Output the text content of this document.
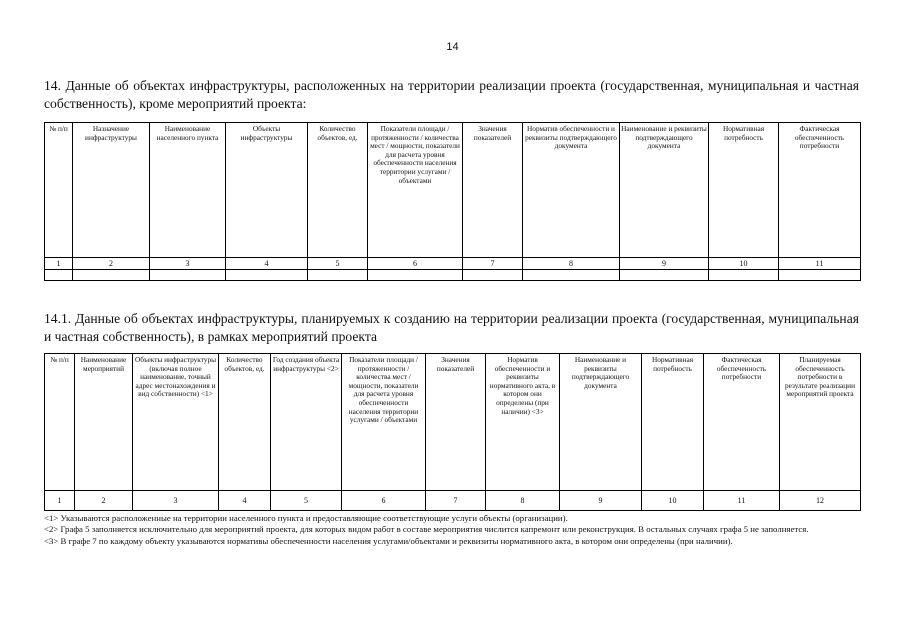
14
14. Данные об объектах инфраструктуры, расположенных на территории реализации проекта (государственная, муниципальная и частная собственность), кроме мероприятий проекта:
№ п/п	Назначение инфраструктуры	Наименование населенного пункта	Объекты инфраструктуры	Количество объектов, ед.	Показатели площади / протяженности / количества мест / мощности, показатели для расчета уровня обеспеченности населения территории услугами / объектами	Значения показателей	Норматив обеспеченности и реквизиты подтверждающего документа	Наименование и реквизиты подтверждающего документа	Нормативная потребность	Фактическая обеспеченность потребности
1	2	3	4	5	6	7	8	9	10	11

14.1. Данные об объектах инфраструктуры, планируемых к созданию на территории реализации проекта (государственная, муниципальная и частная собственность), в рамках мероприятий проекта
№ п/п	Наименование мероприятий	Объекты инфраструктуры (включая полное наименование, точный адрес местонахождения и вид собственности) <1>	Количество объектов, ед.	Год создания объекта инфраструктуры <2>	Показатели площади / протяженности / количества мест / мощности, показатели для расчета уровня обеспеченности населения территории услугами / объектами	Значения показателей	Норматив обеспеченности и реквизиты нормативного акта, в котором они определены (при наличии) <3>	Наименование и реквизиты подтверждающего документа	Нормативная потребность	Фактическая обеспеченность потребности	Планируемая обеспеченность потребности в результате реализации мероприятий проекта
1	2	3	4	5	6	7	8	9	10	11	12

<1> Указываются расположенные на территории населенного пункта и предоставляющие соответствующие услуги объекты (организации).

<2> Графа 5 заполняется исключительно для мероприятий проекта, для которых видом работ в составе мероприятия числится капремонт или реконструкция. В остальных случаях графа 5 не заполняется.

<3> В графе 7 по каждому объекту указываются нормативы обеспеченности населения услугами/объектами и реквизиты нормативного акта, в котором они определены (при наличии).
